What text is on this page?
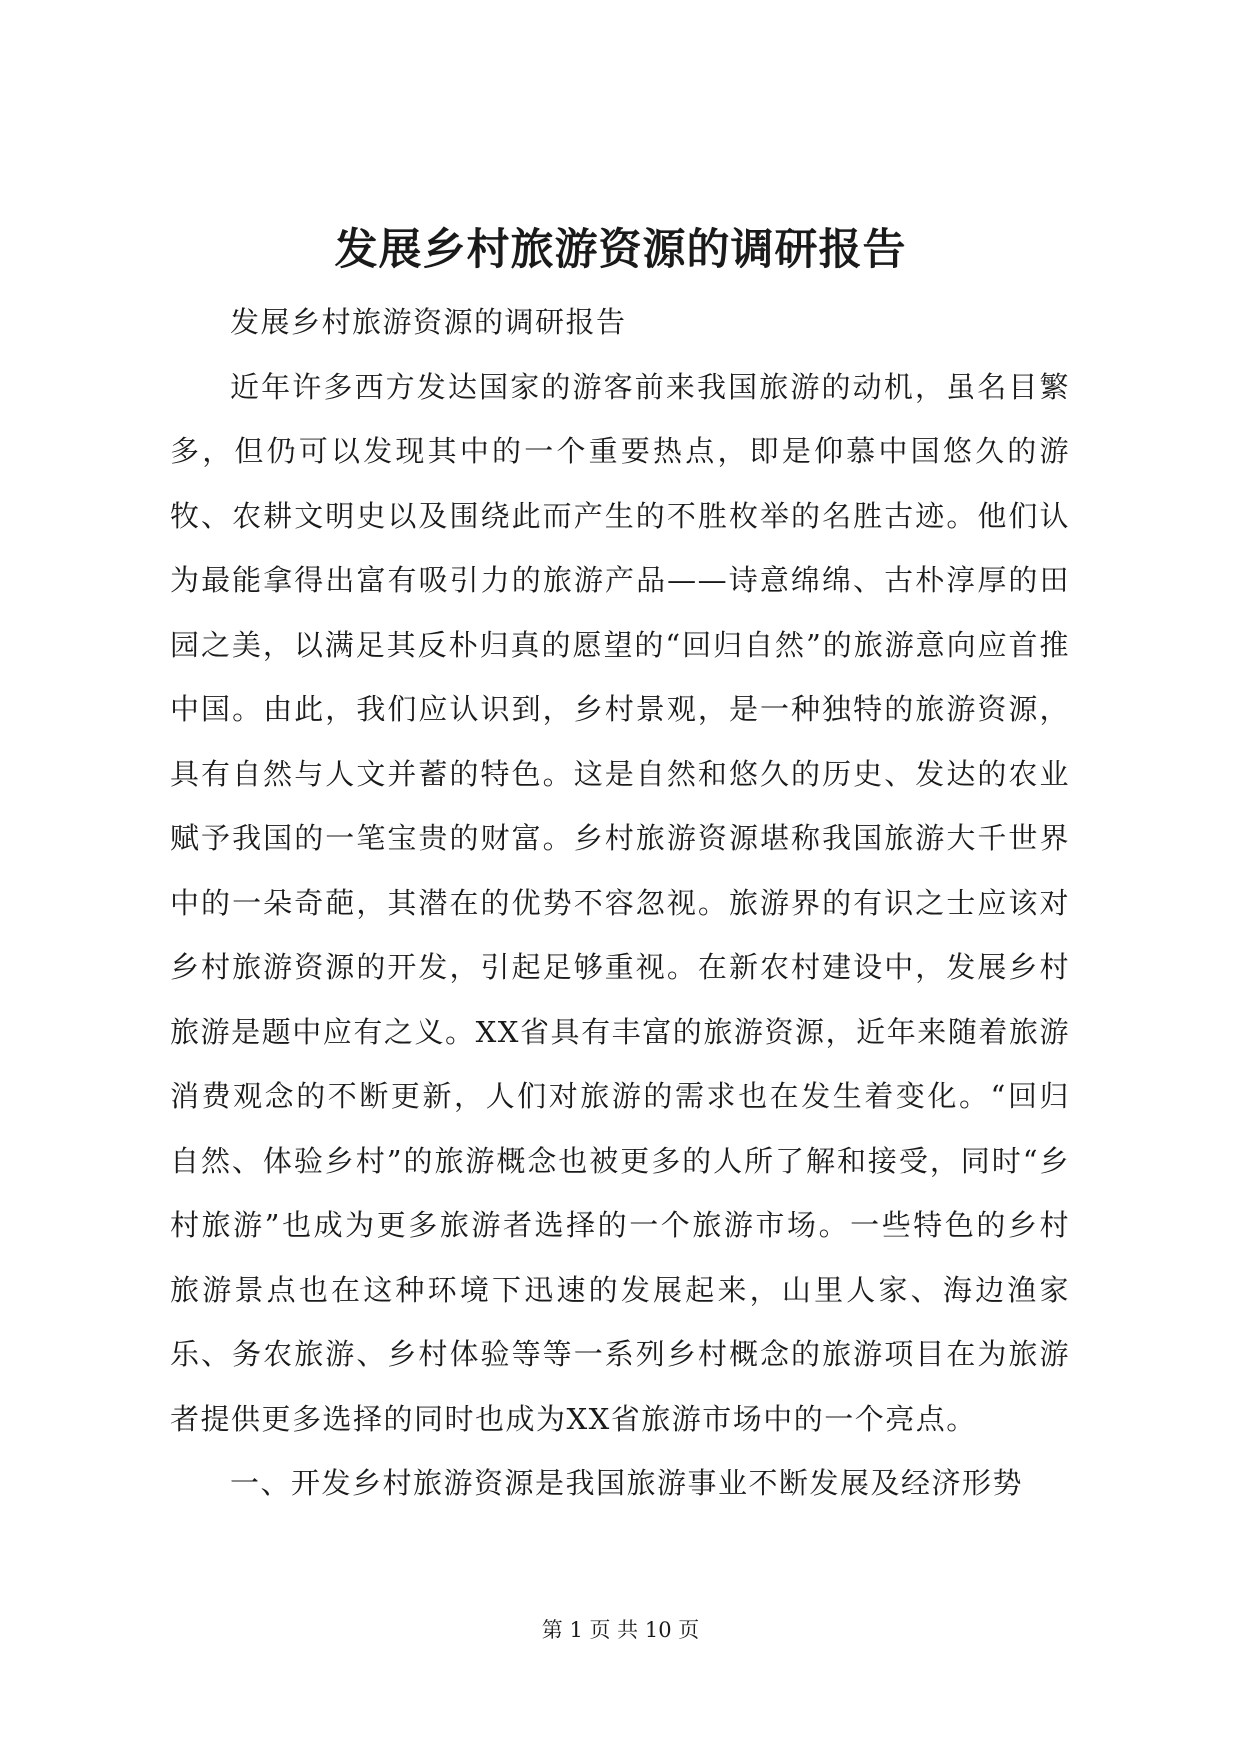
发展乡村旅游资源的调研报告

发展乡村旅游资源的调研报告

近年许多西方发达国家的游客前来我国旅游的动机，虽名目繁多，但仍可以发现其中的一个重要热点，即是仰慕中国悠久的游牧、农耕文明史以及围绕此而产生的不胜枚举的名胜古迹。他们认为最能拿得出富有吸引力的旅游产品——诗意绵绵、古朴淳厚的田园之美，以满足其反朴归真的愿望的“回归自然”的旅游意向应首推中国。由此，我们应认识到，乡村景观，是一种独特的旅游资源，具有自然与人文并蓄的特色。这是自然和悠久的历史、发达的农业赋予我国的一笔宝贵的财富。乡村旅游资源堪称我国旅游大千世界中的一朵奇葩，其潜在的优势不容忽视。旅游界的有识之士应该对乡村旅游资源的开发，引起足够重视。在新农村建设中，发展乡村旅游是题中应有之义。XX省具有丰富的旅游资源，近年来随着旅游消费观念的不断更新，人们对旅游的需求也在发生着变化。“回归自然、体验乡村”的旅游概念也被更多的人所了解和接受，同时“乡村旅游”也成为更多旅游者选择的一个旅游市场。一些特色的乡村旅游景点也在这种环境下迅速的发展起来，山里人家、海边渔家乐、务农旅游、乡村体验等等一系列乡村概念的旅游项目在为旅游者提供更多选择的同时也成为XX省旅游市场中的一个亮点。

一、开发乡村旅游资源是我国旅游事业不断发展及经济形势

第 1 页 共 10 页
